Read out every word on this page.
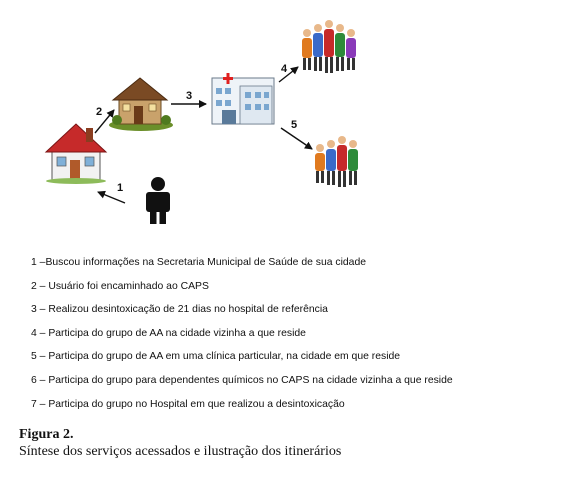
1
2
3
4
5
1 –Buscou informações na Secretaria Municipal de Saúde de sua cidade
2 – Usuário foi encaminhado ao CAPS
3 – Realizou desintoxicação de 21 dias no hospital de referência
4 – Participa do grupo de AA na cidade vizinha a que reside
5 – Participa do grupo de AA em uma clínica particular, na cidade em que reside
6 – Participa do grupo para dependentes químicos no CAPS na cidade vizinha a que reside
7 – Participa do grupo no Hospital em que realizou a desintoxicação
Figura 2.
Síntese dos serviços acessados e ilustração dos itinerários
